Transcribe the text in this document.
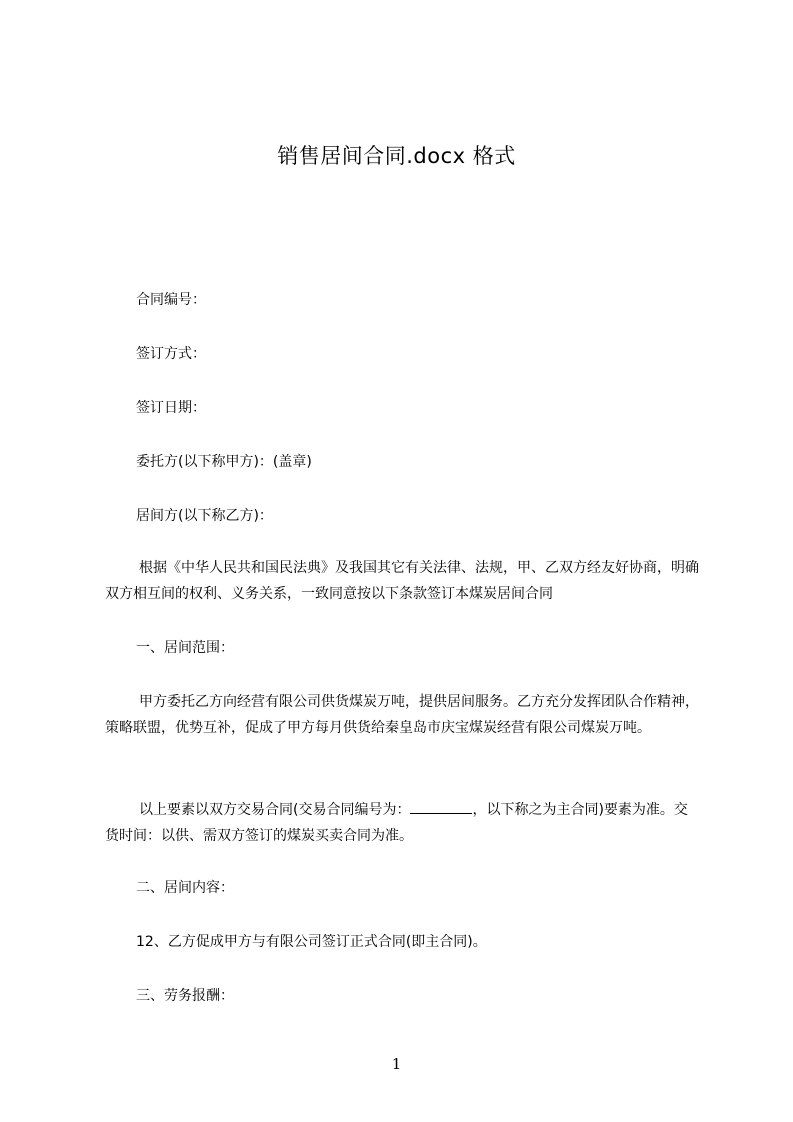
销售居间合同.docx 格式
合同编号：
签订方式：
签订日期：
委托方(以下称甲方)：(盖章)
居间方(以下称乙方)：
根据《中华人民共和国民法典》及我国其它有关法律、法规，甲、乙双方经友好协商，明确双方相互间的权利、义务关系，一致同意按以下条款签订本煤炭居间合同
一、居间范围：
甲方委托乙方向经营有限公司供货煤炭万吨，提供居间服务。乙方充分发挥团队合作精神，策略联盟，优势互补，促成了甲方每月供货给秦皇岛市庆宝煤炭经营有限公司煤炭万吨。
以上要素以双方交易合同(交易合同编号为：	，以下称之为主合同)要素为准。交货时间：以供、需双方签订的煤炭买卖合同为准。
二、居间内容：
12、乙方促成甲方与有限公司签订正式合同(即主合同)。
三、劳务报酬：
1
